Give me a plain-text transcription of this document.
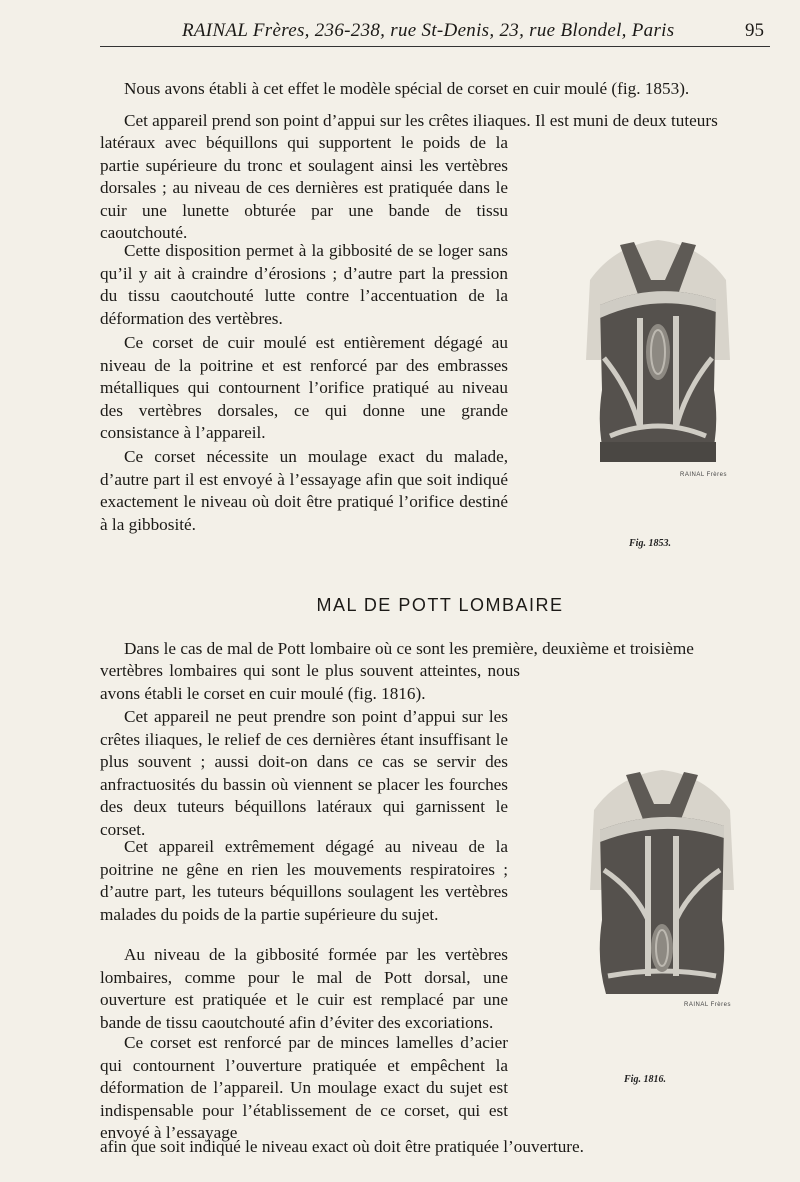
RAINAL Frères, 236-238, rue St-Denis, 23, rue Blondel, Paris	95

Nous avons établi à cet effet le modèle spécial de corset en cuir moulé (fig. 1853).

Cet appareil prend son point d’appui sur les crêtes iliaques. Il est muni de deux tuteurs

latéraux avec béquillons qui supportent le poids de la partie supérieure du tronc et soulagent ainsi les vertèbres dorsales ; au niveau de ces dernières est pratiquée dans le cuir une lunette obturée par une bande de tissu caoutchouté.

Cette disposition permet à la gibbosité de se loger sans qu’il y ait à craindre d’érosions ; d’autre part la pression du tissu caoutchouté lutte contre l’accentuation de la déformation des vertèbres.

Ce corset de cuir moulé est entièrement dégagé au niveau de la poitrine et est renforcé par des embrasses métalliques qui contournent l’orifice pratiqué au niveau des vertèbres dorsales, ce qui donne une grande consistance à l’appareil.

Ce corset nécessite un moulage exact du malade, d’autre part il est envoyé à l’essayage afin que soit indiqué exactement le niveau où doit être pratiqué l’orifice destiné à la gibbosité.

RAINAL Frères
Fig. 1853.
MAL DE POTT LOMBAIRE

Dans le cas de mal de Pott lombaire où ce sont les première, deuxième et troisième

vertèbres lombaires qui sont le plus souvent atteintes, nous avons établi le corset en cuir moulé (fig. 1816).

Cet appareil ne peut prendre son point d’appui sur les crêtes iliaques, le relief de ces dernières étant insuffisant le plus souvent ; aussi doit-on dans ce cas se servir des anfractuosités du bassin où viennent se placer les fourches des deux tuteurs béquillons latéraux qui garnissent le corset.

Cet appareil extrêmement dégagé au niveau de la poitrine ne gêne en rien les mouvements respiratoires ; d’autre part, les tuteurs béquillons soulagent les vertèbres malades du poids de la partie supérieure du sujet.

Au niveau de la gibbosité formée par les vertèbres lombaires, comme pour le mal de Pott dorsal, une ouverture est pratiquée et le cuir est remplacé par une bande de tissu caoutchouté afin d’éviter des excoriations.

Ce corset est renforcé par de minces lamelles d’acier qui contournent l’ouverture pratiquée et empêchent la déformation de l’appareil. Un moulage exact du sujet est indispensable pour l’établissement de ce corset, qui est envoyé à l’essayage

afin que soit indiqué le niveau exact où doit être pratiquée l’ouverture.

RAINAL Frères
Fig. 1816.
